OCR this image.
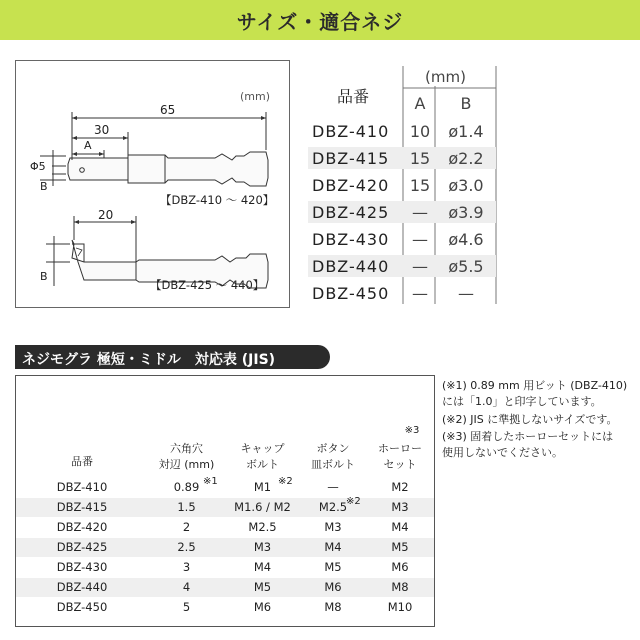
サイズ・適合ネジ
(mm)
65
30
A
Φ5
B
【DBZ-410 ～ 420】
20
B
【DBZ-425 ～ 440】
品番
(mm)
A	B
DBZ-410	10	ø1.4
DBZ-415	15	ø2.2
DBZ-420	15	ø3.0
DBZ-425	—	ø3.9
DBZ-430	—	ø4.6
DBZ-440	—	ø5.5
DBZ-450	—	—
ネジモグラ 極短・ミドル　対応表 (JIS)
(※1) 0.89 mm 用ビット (DBZ-410)
には「1.0」と印字しています。
(※2) JIS に準拠しないサイズです。
(※3) 固着したホーローセットには
使用しないでください。
品番
六角穴
対辺 (mm)
キャップ
ボルト
ボタン
皿ボルト
※3
ホーロー
セット
DBZ-410	0.89	M1	—	M2
DBZ-415	1.5	M1.6 / M2	M2.5	M3
DBZ-420	2	M2.5	M3	M4
DBZ-425	2.5	M3	M4	M5
DBZ-430	3	M4	M5	M6
DBZ-440	4	M5	M6	M8
DBZ-450	5	M6	M8	M10
※1	※2
※2
